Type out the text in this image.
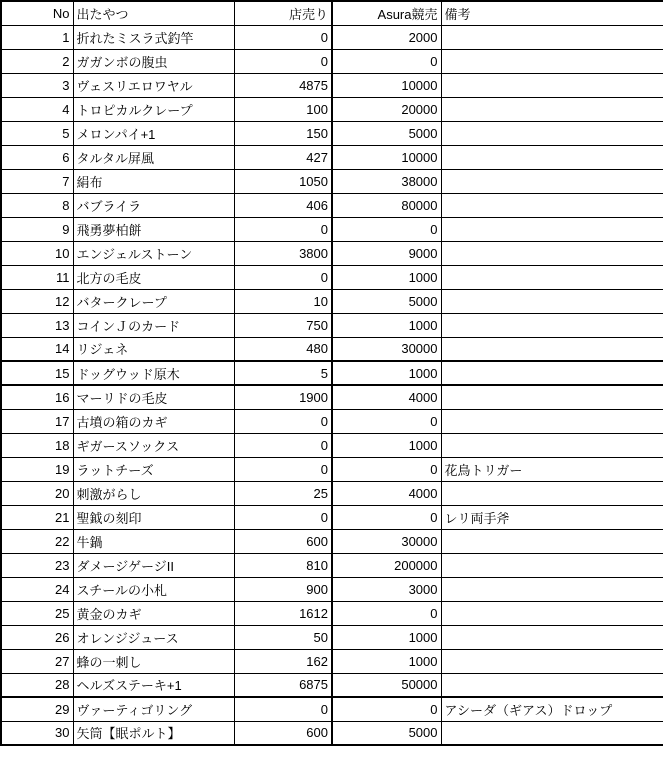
No	出たやつ	店売り	Asura競売	備考
1	折れたミスラ式釣竿	0	2000	
2	ガガンボの腹虫	0	0	
3	ヴェスリエロワヤル	4875	10000	
4	トロピカルクレープ	100	20000	
5	メロンパイ+1	150	5000	
6	タルタル屏風	427	10000	
7	絹布	1050	38000	
8	バブライラ	406	80000	
9	飛勇夢柏餅	0	0	
10	エンジェルストーン	3800	9000	
11	北方の毛皮	0	1000	
12	バタークレープ	10	5000	
13	コインＪのカード	750	1000	
14	リジェネ	480	30000	
15	ドッグウッド原木	5	1000	
16	マーリドの毛皮	1900	4000	
17	古墳の箱のカギ	0	0	
18	ギガースソックス	0	1000	
19	ラットチーズ	0	0	花鳥トリガー
20	刺激がらし	25	4000	
21	聖鉞の刻印	0	0	レリ両手斧
22	牛鍋	600	30000	
23	ダメージゲージII	810	200000	
24	スチールの小札	900	3000	
25	黄金のカギ	1612	0	
26	オレンジジュース	50	1000	
27	蜂の一刺し	162	1000	
28	ヘルズステーキ+1	6875	50000	
29	ヴァーティゴリング	0	0	アシーダ（ギアス）ドロップ
30	矢筒【眠ポルト】	600	5000	
